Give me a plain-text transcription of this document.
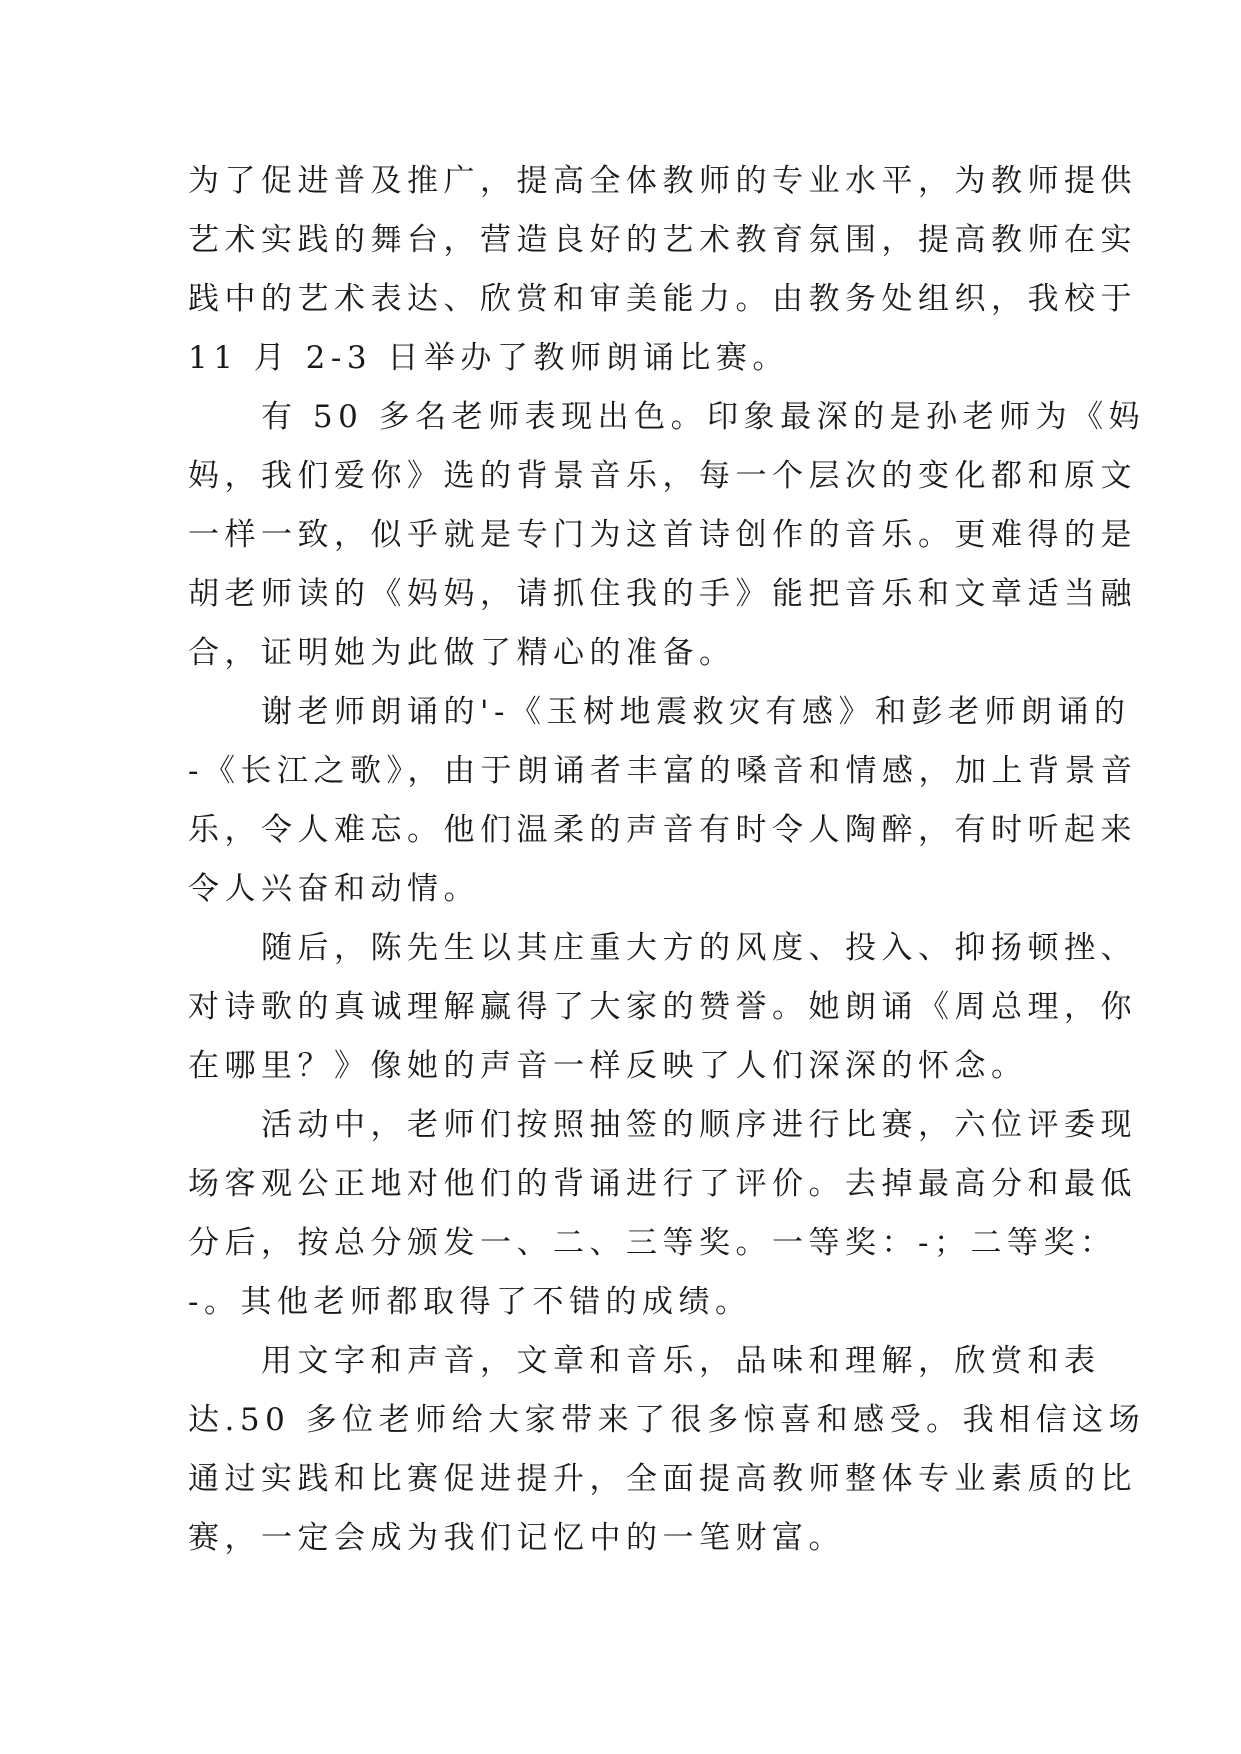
为了促进普及推广，提高全体教师的专业水平，为教师提供
艺术实践的舞台，营造良好的艺术教育氛围，提高教师在实
践中的艺术表达、欣赏和审美能力。由教务处组织，我校于
11 月 2-3 日举办了教师朗诵比赛。
　　有 50 多名老师表现出色。印象最深的是孙老师为《妈
妈，我们爱你》选的背景音乐，每一个层次的变化都和原文
一样一致，似乎就是专门为这首诗创作的音乐。更难得的是
胡老师读的《妈妈，请抓住我的手》能把音乐和文章适当融
合，证明她为此做了精心的准备。
　　谢老师朗诵的'-《玉树地震救灾有感》和彭老师朗诵的
-《长江之歌》，由于朗诵者丰富的嗓音和情感，加上背景音
乐，令人难忘。他们温柔的声音有时令人陶醉，有时听起来
令人兴奋和动情。
　　随后，陈先生以其庄重大方的风度、投入、抑扬顿挫、
对诗歌的真诚理解赢得了大家的赞誉。她朗诵《周总理，你
在哪里？》像她的声音一样反映了人们深深的怀念。
　　活动中，老师们按照抽签的顺序进行比赛，六位评委现
场客观公正地对他们的背诵进行了评价。去掉最高分和最低
分后，按总分颁发一、二、三等奖。一等奖：-；二等奖：
-。其他老师都取得了不错的成绩。
　　用文字和声音，文章和音乐，品味和理解，欣赏和表
达.50 多位老师给大家带来了很多惊喜和感受。我相信这场
通过实践和比赛促进提升，全面提高教师整体专业素质的比
赛，一定会成为我们记忆中的一笔财富。
